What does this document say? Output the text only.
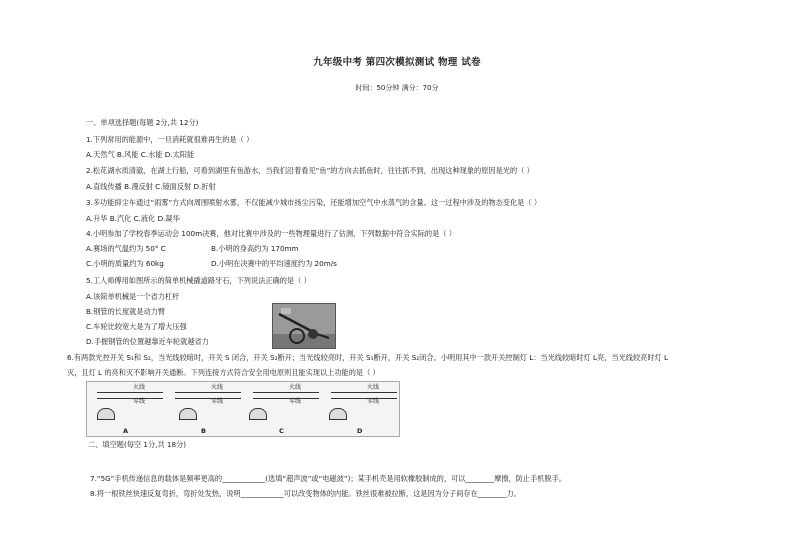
九年级中考 第四次模拟测试 物理 试卷
时间：50分钟 满分：70分
一、单项选择题(每题 2分,共 12分)
1.下列常用的能源中，一旦消耗就很难再生的是（ ）
A.天然气 B.风能 C.水能 D.太阳能
2.松花湖水质清澈，在湖上行船，可看到湖里有鱼游水，当我们沿着看见“鱼”的方向去抓鱼时，往往抓不到，出现这种现象的原因是光的（ ）
A.直线传播 B.漫反射 C.镜面反射 D.折射
3.多功能抑尘车通过“雨雾”方式向周围喷射水雾，不仅能减少城市扬尘污染，还能增加空气中水蒸气的含量。这一过程中涉及的物态变化是（ ）
A.升华 B.汽化 C.液化 D.凝华
4.小明参加了学校春季运动会 100m决赛，他对比赛中涉及的一些物理量进行了估测，下列数据中符合实际的是（ ）
A.赛场的气温约为 50° C	B.小明的身高约为 170mm
C.小明的质量约为 60kg	D.小明在决赛中的平均速度约为 20m/s
5.工人师傅用如图所示的简单机械撬道路牙石，下列说法正确的是（ ）
A.该简单机械是一个省力杠杆
B.钢管的长度就是动力臂
C.车轮比较宽大是为了增大压强
D.手握钢管的位置越靠近车轮就越省力
6.有两款光控开关 S₁和 S₂，当光线较暗时，开关 S 闭合，开关 S₂断开；当光线较亮时，开关 S₁断开，开关 S₂闭合。小明用其中一款开关控制灯 L：当光线较暗时灯 L亮，当光线较亮时灯 L
灭，且灯 L 的亮和灭不影响开关通断。下列连接方式符合安全用电原则且能实现以上功能的是（ ）
火线
零线
A
火线
零线
B
火线
零线
C
火线
零线
D
二、填空题(每空 1分,共 18分)
7.“5G”手机传递信息的载体是频率更高的____________(选填“超声波”或“电磁波”)；某手机壳是用软橡胶制成的，可以________摩擦，防止手机脱手。
8.将一根铁丝快速反复弯折，弯折处发热，说明____________可以改变物体的内能。铁丝很难被拉断，这是因为分子间存在________力。
